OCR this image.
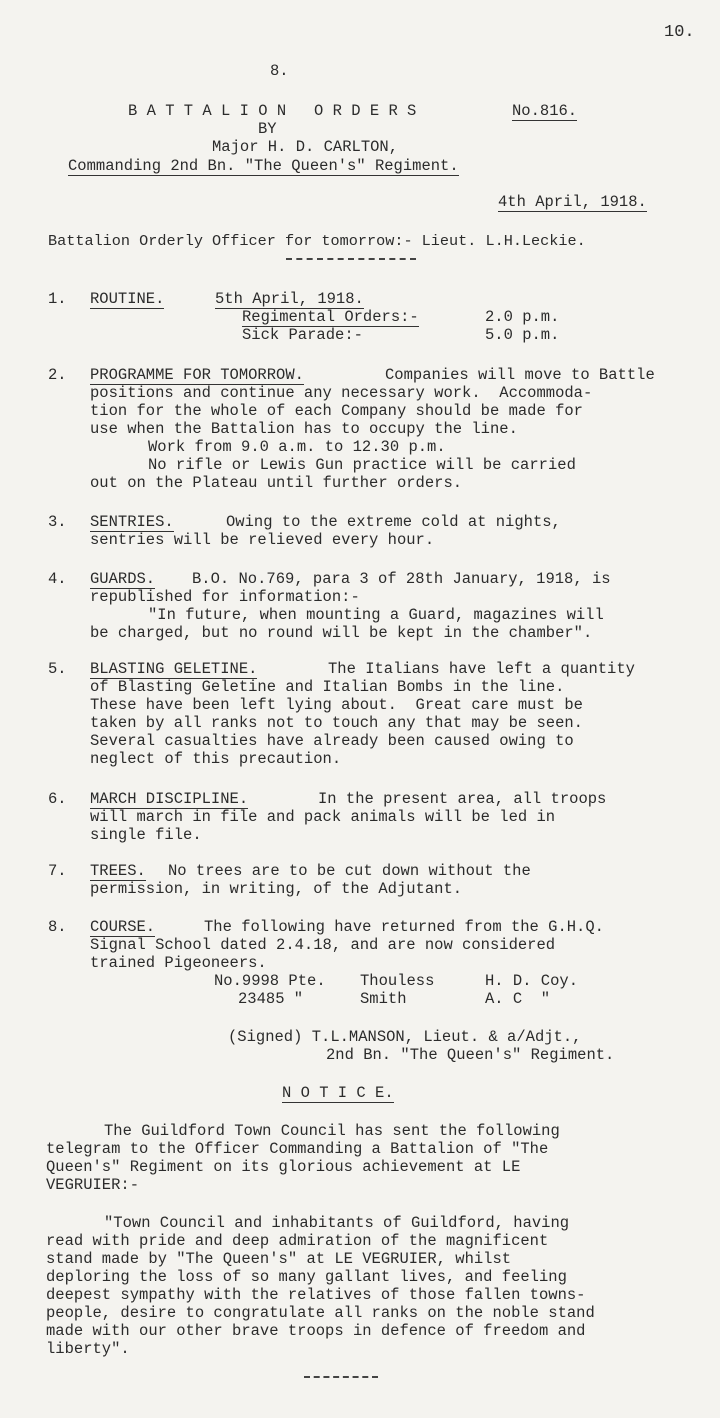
10.
8.
B A T T A L I O N   O R D E R S	No.816.
BY
Major H. D. CARLTON,
Commanding 2nd Bn. "The Queen's" Regiment.
4th April, 1918.
Battalion Orderly Officer for tomorrow:- Lieut. L.H.Leckie.
1. ROUTINE.	5th April, 1918.
Regimental Orders:-	2.0 p.m.
Sick Parade:-	5.0 p.m.
2. PROGRAMME FOR TOMORROW.	Companies will move to Battle
positions and continue any necessary work.  Accommoda-
tion for the whole of each Company should be made for
use when the Battalion has to occupy the line.
Work from 9.0 a.m. to 12.30 p.m.
No rifle or Lewis Gun practice will be carried
out on the Plateau until further orders.
3. SENTRIES.	Owing to the extreme cold at nights,
sentries will be relieved every hour.
4. GUARDS. B.O. No.769, para 3 of 28th January, 1918, is
republished for information:-
"In future, when mounting a Guard, magazines will
be charged, but no round will be kept in the chamber".
5. BLASTING GELETINE.	The Italians have left a quantity
of Blasting Geletine and Italian Bombs in the line.
These have been left lying about.  Great care must be
taken by all ranks not to touch any that may be seen.
Several casualties have already been caused owing to
neglect of this precaution.
6. MARCH DISCIPLINE.	In the present area, all troops
will march in file and pack animals will be led in
single file.
7. TREES. No trees are to be cut down without the
permission, in writing, of the Adjutant.
8. COURSE.	The following have returned from the G.H.Q.
Signal School dated 2.4.18, and are now considered
trained Pigeoneers.
No.9998 Pte. Thouless	H. D. Coy.
23485 "	Smith	A. C  "
(Signed) T.L.MANSON, Lieut. & a/Adjt.,
2nd Bn. "The Queen's" Regiment.
N O T I C E.
The Guildford Town Council has sent the following
telegram to the Officer Commanding a Battalion of "The
Queen's" Regiment on its glorious achievement at LE
VEGRUIER:-
"Town Council and inhabitants of Guildford, having
read with pride and deep admiration of the magnificent
stand made by "The Queen's" at LE VEGRUIER, whilst
deploring the loss of so many gallant lives, and feeling
deepest sympathy with the relatives of those fallen towns-
people, desire to congratulate all ranks on the noble stand
made with our other brave troops in defence of freedom and
liberty".
